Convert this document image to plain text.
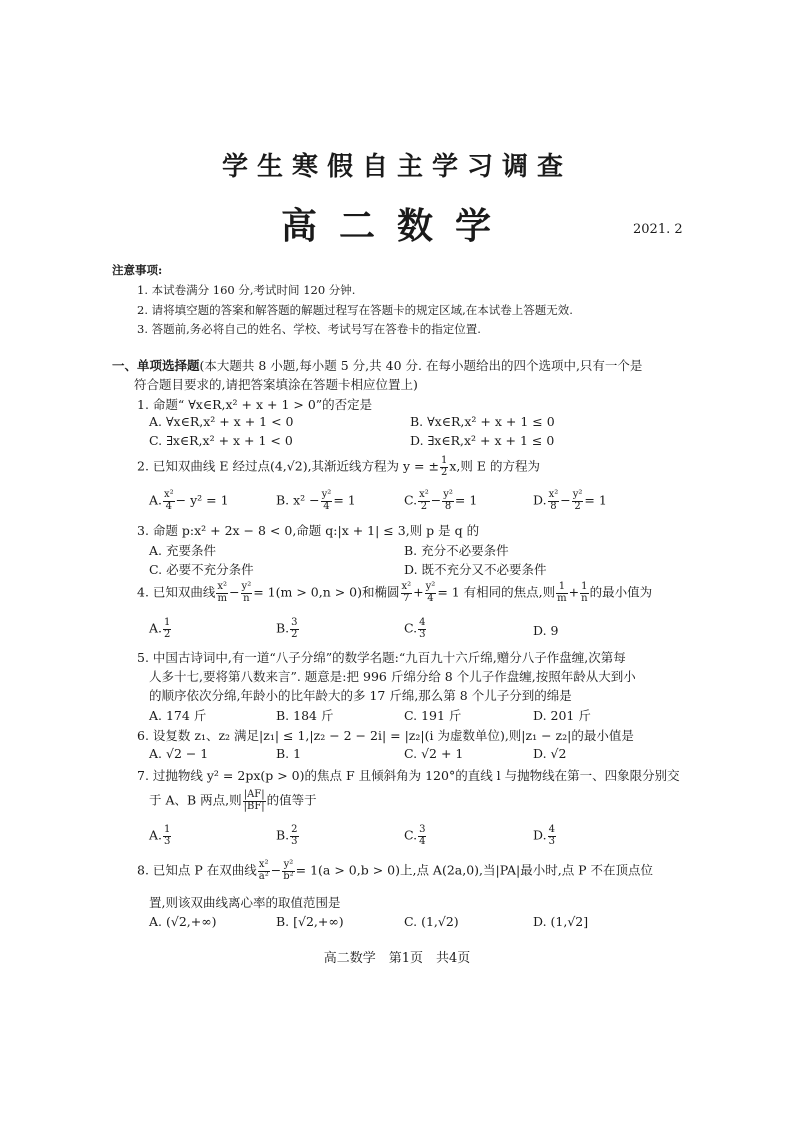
学生寒假自主学习调查
高二数学	2021. 2
注意事项:
1. 本试卷满分 160 分,考试时间 120 分钟.
2. 请将填空题的答案和解答题的解题过程写在答题卡的规定区域,在本试卷上答题无效.
3. 答题前,务必将自己的姓名、学校、考试号写在答卷卡的指定位置.
一、单项选择题(本大题共 8 小题,每小题 5 分,共 40 分. 在每小题给出的四个选项中,只有一个是
符合题目要求的,请把答案填涂在答题卡相应位置上)
1. 命题“ ∀x∈R,x² + x + 1 > 0”的否定是
A. ∀x∈R,x² + x + 1 < 0	B. ∀x∈R,x² + x + 1 ≤ 0
C. ∃x∈R,x² + x + 1 < 0	D. ∃x∈R,x² + x + 1 ≤ 0
2. 已知双曲线 E 经过点(4,√2),其渐近线方程为 y = ± $\frac{1}{2} x$,则 E 的方程为
A. $\frac{\text{x²}}{4} - y^2 = 1$	B. $x^2 - \frac{\text{y²}}{4} = 1$	C. $\frac{\text{x²}}{2} - \frac{\text{y²}}{8} = 1$	D. $\frac{\text{x²}}{8} - \frac{\text{y²}}{2} = 1$
3. 命题 p:x² + 2x − 8 < 0,命题 q:|x + 1| ≤ 3,则 p 是 q 的
A. 充要条件	B. 充分不必要条件
C. 必要不充分条件	D. 既不充分又不必要条件
4. 已知双曲线 $\frac{\text{x²}}{m} - \frac{\text{y²}}{n} = 1(m > 0,n > 0)$和椭圆 $\frac{\text{x²}}{7} + \frac{\text{y²}}{4} = 1$ 有相同的焦点,则 $\frac{1}{m} + \frac{1}{n}$ 的最小值为
A. $\frac{1}{2}$	B. $\frac{3}{2}$	C. $\frac{4}{3}$	D. 9
5. 中国古诗词中,有一道“八子分绵”的数学名题:“九百九十六斤绵,赠分八子作盘缠,次第每
人多十七,要将第八数来言”. 题意是:把 996 斤绵分给 8 个儿子作盘缠,按照年龄从大到小
的顺序依次分绵,年龄小的比年龄大的多 17 斤绵,那么第 8 个儿子分到的绵是
A. 174 斤	B. 184 斤	C. 191 斤	D. 201 斤
6. 设复数 z₁、z₂ 满足|z₁| ≤ 1,|z₂ − 2 − 2i| = |z₂|(i 为虚数单位),则|z₁ − z₂|的最小值是
A. √2 − 1	B. 1	C. √2 + 1	D. √2
7. 过抛物线 y² = 2px(p > 0)的焦点 F 且倾斜角为 120°的直线 l 与抛物线在第一、四象限分别交
于 A、B 两点,则 $\frac{|AF|}{|BF|}$ 的值等于
A. $\frac{1}{3}$	B. $\frac{2}{3}$	C. $\frac{3}{4}$	D. $\frac{4}{3}$
8. 已知点 P 在双曲线 $\frac{\text{x²}}{\text{a²}} - \frac{\text{y²}}{\text{b²}} = 1(a > 0,b > 0)$上,点 A(2a,0),当|PA|最小时,点 P 不在顶点位
置,则该双曲线离心率的取值范围是
A. (√2,+∞)	B. [√2,+∞)	C. (1,√2)	D. (1,√2]
高二数学　第1页　共4页
